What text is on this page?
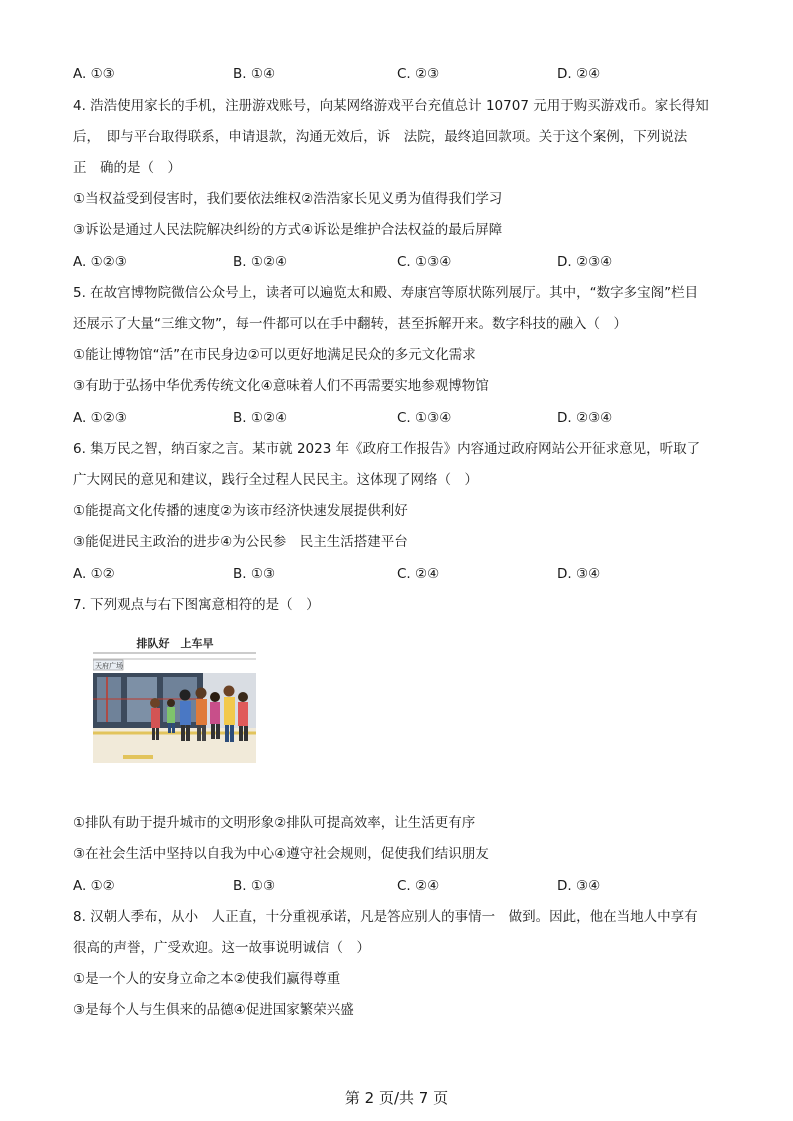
A. ①③	B. ①④	C. ②③	D. ②④
4. 浩浩使用家长的手机，注册游戏账号，向某网络游戏平台充值总计 10707 元用于购买游戏币。家长得知
后，　即与平台取得联系，申请退款，沟通无效后，诉　法院，最终追回款项。关于这个案例，下列说法
正　确的是（　）
①当权益受到侵害时，我们要依法维权②浩浩家长见义勇为值得我们学习
③诉讼是通过人民法院解决纠纷的方式④诉讼是维护合法权益的最后屏障
A. ①②③	B. ①②④	C. ①③④	D. ②③④
5. 在故宫博物院微信公众号上，读者可以遍览太和殿、寿康宫等原状陈列展厅。其中，“数字多宝阁”栏目
还展示了大量“三维文物”，每一件都可以在手中翻转，甚至拆解开来。数字科技的融入（　）
①能让博物馆“活”在市民身边②可以更好地满足民众的多元文化需求
③有助于弘扬中华优秀传统文化④意味着人们不再需要实地参观博物馆
A. ①②③	B. ①②④	C. ①③④	D. ②③④
6. 集万民之智，纳百家之言。某市就 2023 年《政府工作报告》内容通过政府网站公开征求意见，听取了
广大网民的意见和建议，践行全过程人民民主。这体现了网络（　）
①能提高文化传播的速度②为该市经济快速发展提供利好
③能促进民主政治的进步④为公民参　民主生活搭建平台
A. ①②	B. ①③	C. ②④	D. ③④
7. 下列观点与右下图寓意相符的是（　）
排队好　上车早
天府广场
①排队有助于提升城市的文明形象②排队可提高效率，让生活更有序
③在社会生活中坚持以自我为中心④遵守社会规则，促使我们结识朋友
A. ①②	B. ①③	C. ②④	D. ③④
8. 汉朝人季布，从小　人正直，十分重视承诺，凡是答应别人的事情一　做到。因此，他在当地人中享有
很高的声誉，广受欢迎。这一故事说明诚信（　）
①是一个人的安身立命之本②使我们赢得尊重
③是每个人与生俱来的品德④促进国家繁荣兴盛
第 2 页/共 7 页
